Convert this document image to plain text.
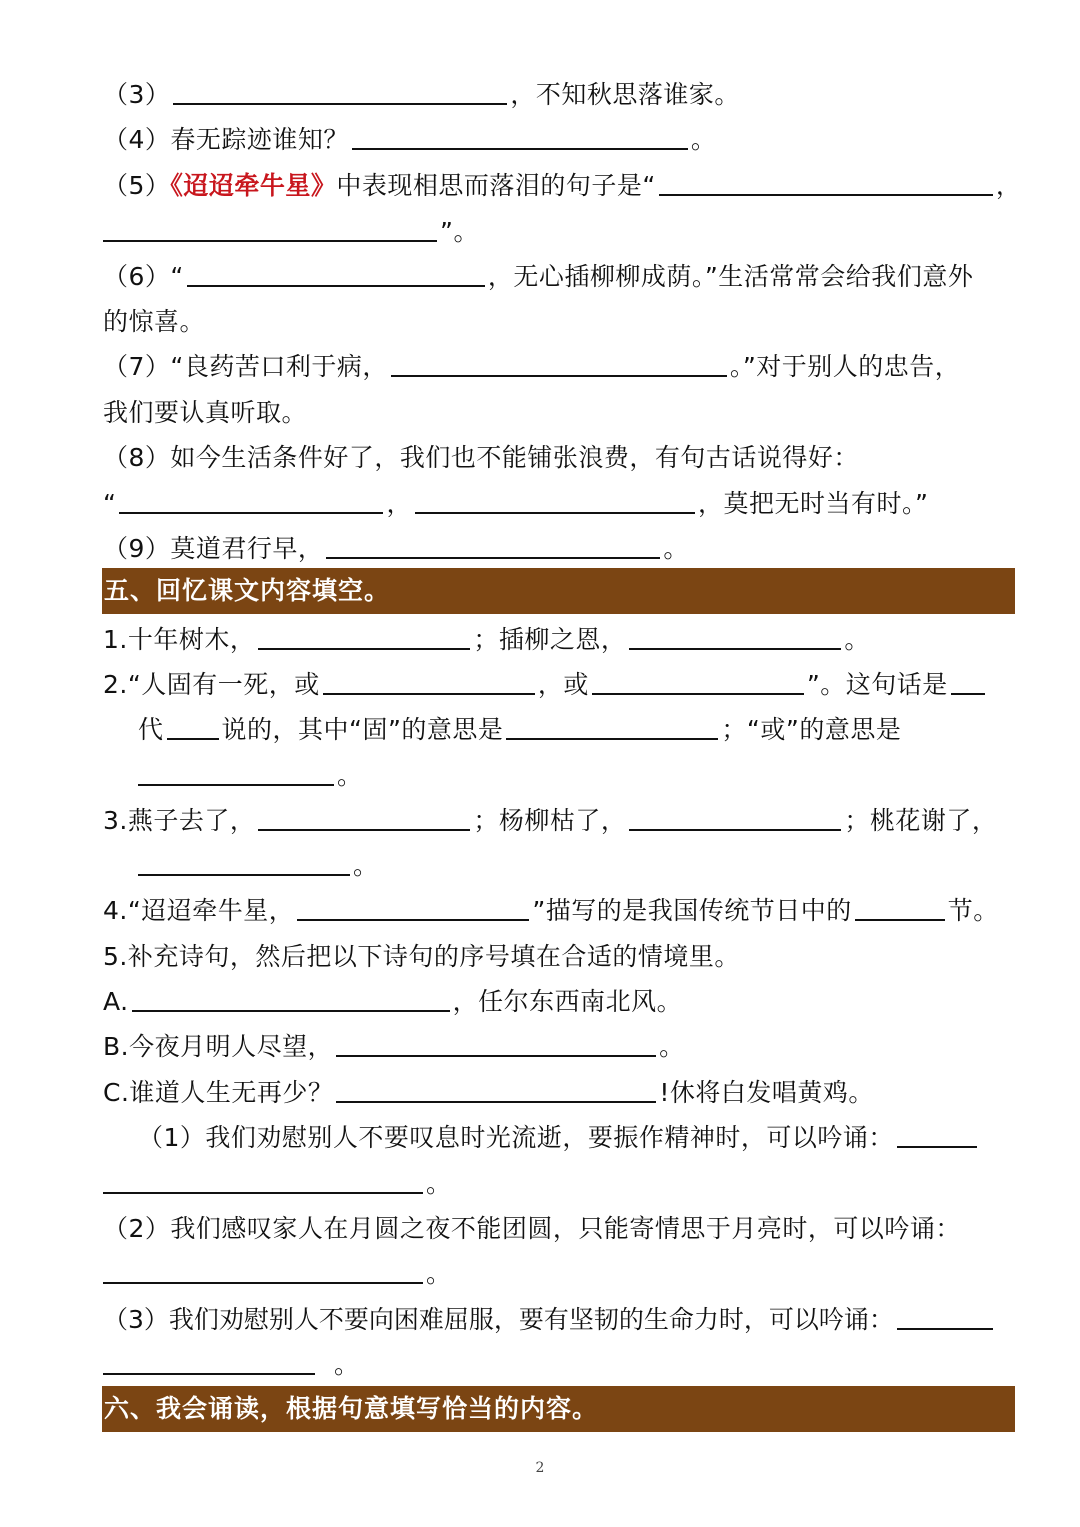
（3）	，不知秋思落谁家。
（4）春无踪迹谁知？	。
（5）《迢迢牵牛星》中表现相思而落泪的句子是“	，
”。
（6）“	，无心插柳柳成荫。”生活常常会给我们意外
的惊喜。
（7）“良药苦口利于病，	。”对于别人的忠告，
我们要认真听取。
（8）如今生活条件好了，我们也不能铺张浪费，有句古话说得好：
“	，	，莫把无时当有时。”
（9）莫道君行早，	。
五、回忆课文内容填空。
1.十年树木，	；插柳之恩，	。
2.“人固有一死，或	，或	”。这句话是
代 说的，其中“固”的意思是	；“或”的意思是
。
3.燕子去了，	；杨柳枯了，	；桃花谢了，
。
4.“迢迢牵牛星，	”描写的是我国传统节日中的	节。
5.补充诗句，然后把以下诗句的序号填在合适的情境里。
A.	，任尔东西南北风。
B.今夜月明人尽望，	。
C.谁道人生无再少？	!休将白发唱黄鸡。
（1）我们劝慰别人不要叹息时光流逝，要振作精神时，可以吟诵：
。
（2）我们感叹家人在月圆之夜不能团圆，只能寄情思于月亮时，可以吟诵：
。
（3）我们劝慰别人不要向困难屈服，要有坚韧的生命力时，可以吟诵：
。
六、我会诵读，根据句意填写恰当的内容。
2
